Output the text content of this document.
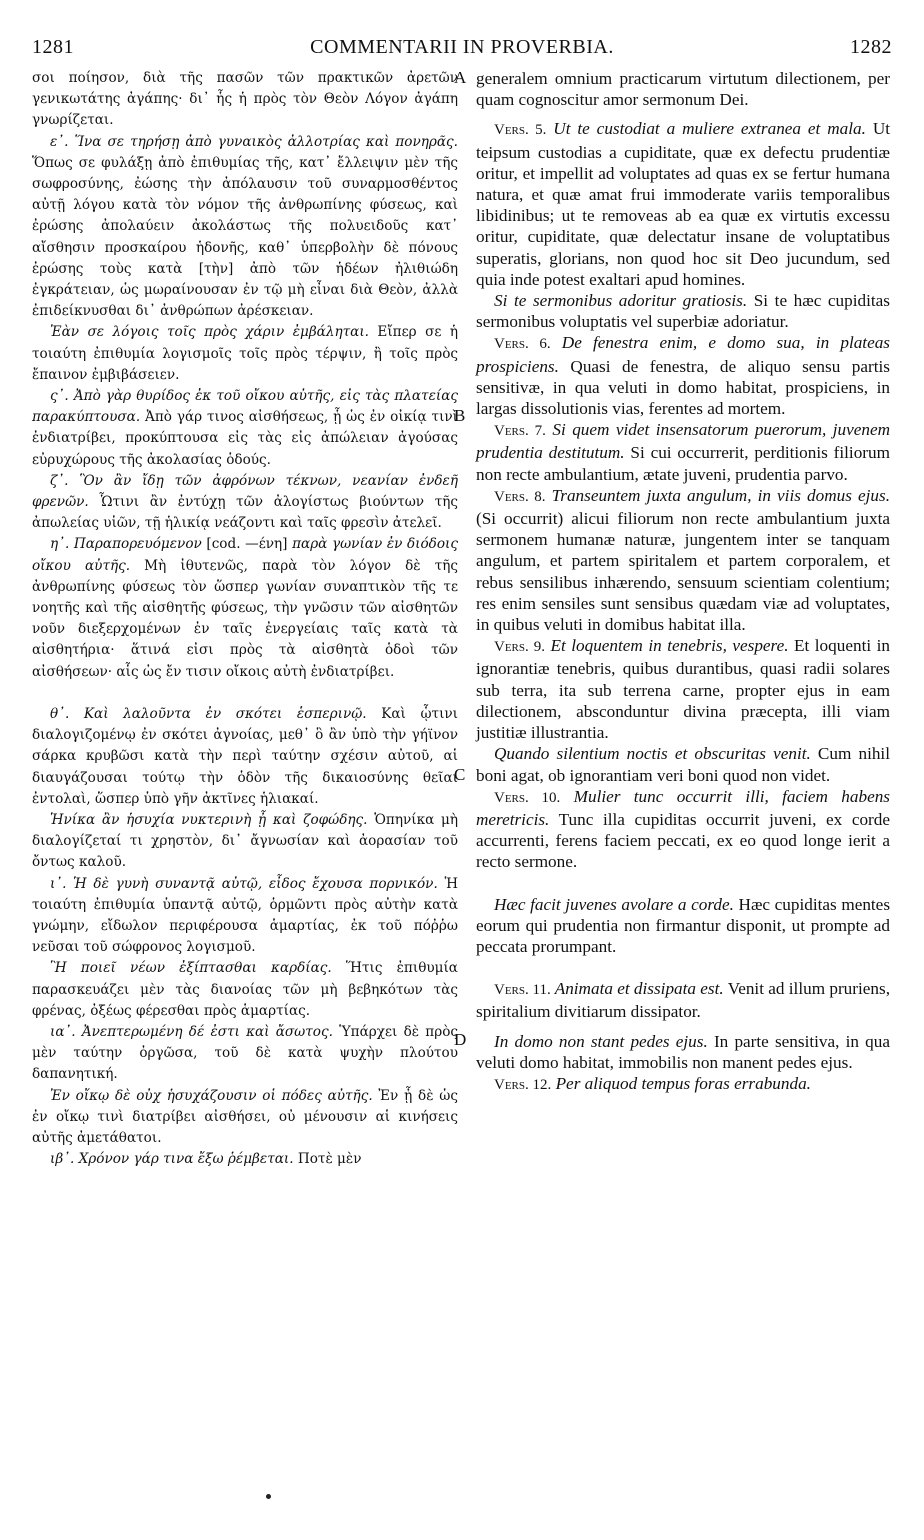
1281	COMMENTARII IN PROVERBIA.	1282
A
B
C
D

σοι ποίησον, διὰ τῆς πασῶν τῶν πρακτικῶν ἀρετῶν γενικωτάτης ἀγάπης· δι᾽ ἧς ἡ πρὸς τὸν Θεὸν Λόγον ἀγάπη γνωρίζεται.

ε᾽. Ἵνα σε τηρήσῃ ἀπὸ γυναικὸς ἀλλοτρίας καὶ πονηρᾶς. Ὅπως σε φυλάξῃ ἀπὸ ἐπιθυμίας τῆς, κατ᾽ ἔλλειψιν μὲν τῆς σωφροσύνης, ἐώσης τὴν ἀπόλαυσιν τοῦ συναρμοσθέντος αὐτῇ λόγου κατὰ τὸν νόμον τῆς ἀνθρωπίνης φύσεως, καὶ ἐρώσης ἀπολαύειν ἀκολάστως τῆς πολυειδοῦς κατ᾽ αἴσθησιν προσκαίρου ἡδονῆς, καθ᾽ ὑπερβολὴν δὲ πόνους ἐρώσης τοὺς κατὰ [τὴν] ἀπὸ τῶν ἡδέων ἠλιθιώδη ἐγκράτειαν, ὡς μωραίνουσαν ἐν τῷ μὴ εἶναι διὰ Θεὸν, ἀλλὰ ἐπιδείκνυσθαι δι᾽ ἀνθρώπων ἀρέσκειαν.

Ἐὰν σε λόγοις τοῖς πρὸς χάριν ἐμβάληται. Εἴπερ σε ἡ τοιαύτη ἐπιθυμία λογισμοῖς τοῖς πρὸς τέρψιν, ἢ τοῖς πρὸς ἔπαινον ἐμβιβάσειεν.

ς᾽. Ἀπὸ γὰρ θυρίδος ἐκ τοῦ οἴκου αὐτῆς, εἰς τὰς πλατείας παρακύπτουσα. Ἀπὸ γάρ τινος αἰσθήσεως, ᾗ ὡς ἐν οἰκίᾳ τινὶ ἐνδιατρίβει, προκύπτουσα εἰς τὰς εἰς ἀπώλειαν ἀγούσας εὐρυχώρους τῆς ἀκολασίας ὁδούς.

ζ᾽. Ὃν ἂν ἴδῃ τῶν ἀφρόνων τέκνων, νεανίαν ἐνδεῆ φρενῶν. Ὧτινι ἂν ἐντύχῃ τῶν ἀλογίστως βιούντων τῆς ἀπωλείας υἱῶν, τῇ ἡλικίᾳ νεάζοντι καὶ ταῖς φρεσὶν ἀτελεῖ.

η᾽. Παραπορευόμενον [cod. —ένη] παρὰ γωνίαν ἐν διόδοις οἴκου αὐτῆς. Μὴ ἰθυτενῶς, παρὰ τὸν λόγον δὲ τῆς ἀνθρωπίνης φύσεως τὸν ὥσπερ γωνίαν συναπτικὸν τῆς τε νοητῆς καὶ τῆς αἰσθητῆς φύσεως, τὴν γνῶσιν τῶν αἰσθητῶν νοῦν διεξερχομένων ἐν ταῖς ἐνεργείαις ταῖς κατὰ τὰ αἰσθητήρια· ἅτινά εἰσι πρὸς τὰ αἰσθητὰ ὁδοὶ τῶν αἰσθήσεων· αἷς ὡς ἔν τισιν οἴκοις αὐτὴ ἐνδιατρίβει.

θ᾽. Καὶ λαλοῦντα ἐν σκότει ἑσπερινῷ. Καὶ ᾧτινι διαλογιζομένῳ ἐν σκότει ἀγνοίας, μεθ᾽ ὃ ἂν ὑπὸ τὴν γήϊνον σάρκα κρυβῶσι κατὰ τὴν περὶ ταύτην σχέσιν αὐτοῦ, αἱ διαυγάζουσαι τούτῳ τὴν ὁδὸν τῆς δικαιοσύνης θεῖαι ἐντολαὶ, ὥσπερ ὑπὸ γῆν ἀκτῖνες ἡλιακαί.

Ἡνίκα ἂν ἡσυχία νυκτερινὴ ᾖ καὶ ζοφώδης. Ὁπηνίκα μὴ διαλογίζεταί τι χρηστὸν, δι᾽ ἄγνωσίαν καὶ ἀορασίαν τοῦ ὄντως καλοῦ.

ι᾽. Ἡ δὲ γυνὴ συναντᾷ αὐτῷ, εἶδος ἔχουσα πορνικόν. Ἡ τοιαύτη ἐπιθυμία ὑπαντᾷ αὐτῷ, ὁρμῶντι πρὸς αὐτὴν κατὰ γνώμην, εἴδωλον περιφέρουσα ἁμαρτίας, ἐκ τοῦ πόῤῥω νεῦσαι τοῦ σώφρονος λογισμοῦ.

Ἣ ποιεῖ νέων ἐξίπτασθαι καρδίας. Ἥτις ἐπιθυμία παρασκευάζει μὲν τὰς διανοίας τῶν μὴ βεβηκότων τὰς φρένας, ὀξέως φέρεσθαι πρὸς ἁμαρτίας.

ια᾽. Ἀνεπτερωμένη δέ ἐστι καὶ ἄσωτος. Ὑπάρχει δὲ πρὸς μὲν ταύτην ὀργῶσα, τοῦ δὲ κατὰ ψυχὴν πλούτου δαπανητική.

Ἐν οἴκῳ δὲ οὐχ ἡσυχάζουσιν οἱ πόδες αὐτῆς. Ἐν ᾗ δὲ ὡς ἐν οἴκῳ τινὶ διατρίβει αἰσθήσει, οὐ μένουσιν αἱ κινήσεις αὐτῆς ἀμετάθατοι.

ιβ᾽. Χρόνον γάρ τινα ἔξω ῥέμβεται. Ποτὲ μὲν

generalem omnium practicarum virtutum dilectionem, per quam cognoscitur amor sermonum Dei.

Vers. 5. Ut te custodiat a muliere extranea et mala. Ut teipsum custodias a cupiditate, quæ ex defectu prudentiæ oritur, et impellit ad voluptates ad quas ex se fertur humana natura, et quæ amat frui immoderate variis temporalibus libidinibus; ut te removeas ab ea quæ ex virtutis excessu oritur, cupiditate, quæ delectatur insane de voluptatibus superatis, glorians, non quod hoc sit Deo jucundum, sed quia inde potest exaltari apud homines.

Si te sermonibus adoritur gratiosis. Si te hæc cupiditas sermonibus voluptatis vel superbiæ adoriatur.

Vers. 6. De fenestra enim, e domo sua, in plateas prospiciens. Quasi de fenestra, de aliquo sensu partis sensitivæ, in qua veluti in domo habitat, prospiciens, in largas dissolutionis vias, ferentes ad mortem.

Vers. 7. Si quem videt insensatorum puerorum, juvenem prudentia destitutum. Si cui occurrerit, perditionis filiorum non recte ambulantium, ætate juveni, prudentia parvo.

Vers. 8. Transeuntem juxta angulum, in viis domus ejus. (Si occurrit) alicui filiorum non recte ambulantium juxta sermonem humanæ naturæ, jungentem inter se tanquam angulum, et partem spiritalem et partem corporalem, et rebus sensilibus inhærendo, sensuum scientiam colentium; res enim sensiles sunt sensibus quædam viæ ad voluptates, in quibus veluti in domibus habitat illa.

Vers. 9. Et loquentem in tenebris, vespere. Et loquenti in ignorantiæ tenebris, quibus durantibus, quasi radii solares sub terra, ita sub terrena carne, propter ejus in eam dilectionem, absconduntur divina præcepta, illi viam justitiæ illustrantia.

Quando silentium noctis et obscuritas venit. Cum nihil boni agat, ob ignorantiam veri boni quod non videt.

Vers. 10. Mulier tunc occurrit illi, faciem habens meretricis. Tunc illa cupiditas occurrit juveni, ex corde accurrenti, ferens faciem peccati, ex eo quod longe ierit a recto sermone.

Hæc facit juvenes avolare a corde. Hæc cupiditas mentes eorum qui prudentia non firmantur disponit, ut prompte ad peccata prorumpant.

Vers. 11. Animata et dissipata est. Venit ad illum pruriens, spiritalium divitiarum dissipator.

In domo non stant pedes ejus. In parte sensitiva, in qua veluti domo habitat, immobilis non manent pedes ejus.

Vers. 12. Per aliquod tempus foras errabunda.
